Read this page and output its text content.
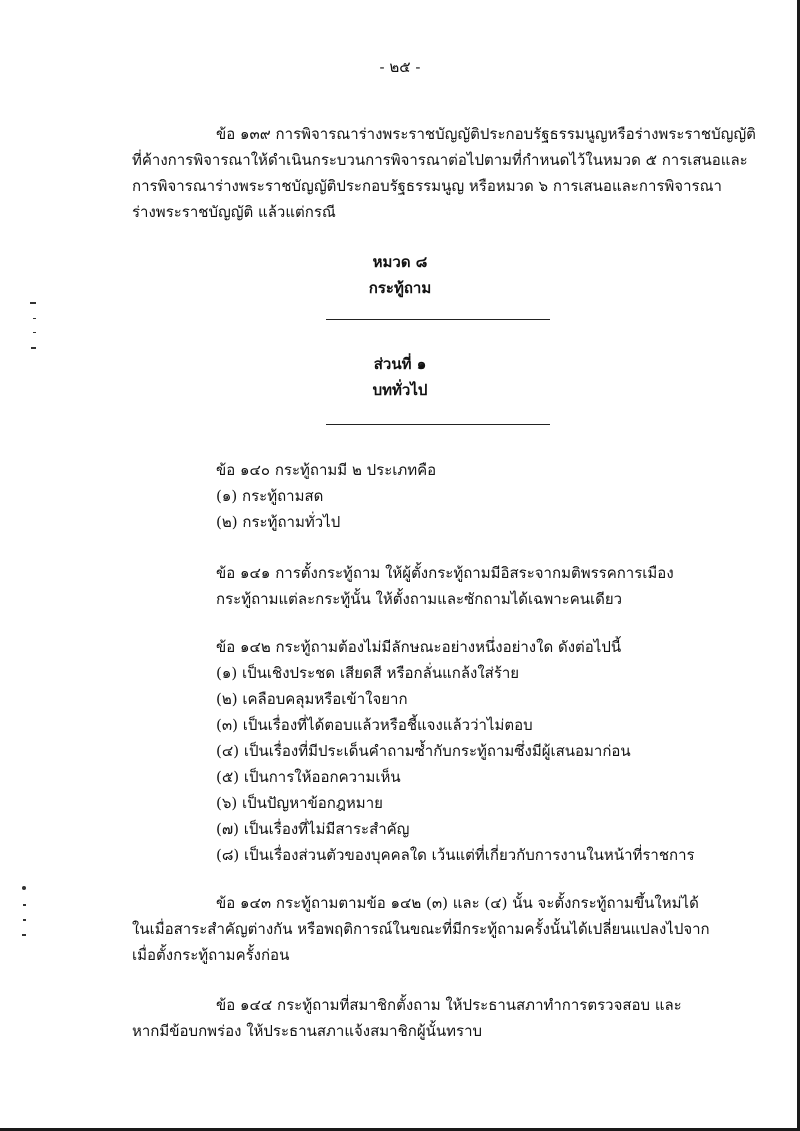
- ๒๕ -
ข้อ ๑๓๙ การพิจารณาร่างพระราชบัญญัติประกอบรัฐธรรมนูญหรือร่างพระราชบัญญัติ
ที่ค้างการพิจารณาให้ดำเนินกระบวนการพิจารณาต่อไปตามที่กำหนดไว้ในหมวด ๕ การเสนอและ
การพิจารณาร่างพระราชบัญญัติประกอบรัฐธรรมนูญ หรือหมวด ๖ การเสนอและการพิจารณา
ร่างพระราชบัญญัติ แล้วแต่กรณี
หมวด ๘
กระทู้ถาม
ส่วนที่ ๑
บททั่วไป
ข้อ ๑๔๐ กระทู้ถามมี ๒ ประเภทคือ
(๑) กระทู้ถามสด
(๒) กระทู้ถามทั่วไป
ข้อ ๑๔๑ การตั้งกระทู้ถาม ให้ผู้ตั้งกระทู้ถามมีอิสระจากมติพรรคการเมือง
กระทู้ถามแต่ละกระทู้นั้น ให้ตั้งถามและซักถามได้เฉพาะคนเดียว
ข้อ ๑๔๒ กระทู้ถามต้องไม่มีลักษณะอย่างหนึ่งอย่างใด ดังต่อไปนี้
(๑) เป็นเชิงประชด เสียดสี หรือกลั่นแกล้งใส่ร้าย
(๒) เคลือบคลุมหรือเข้าใจยาก
(๓) เป็นเรื่องที่ได้ตอบแล้วหรือชี้แจงแล้วว่าไม่ตอบ
(๔) เป็นเรื่องที่มีประเด็นคำถามซ้ำกับกระทู้ถามซึ่งมีผู้เสนอมาก่อน
(๕) เป็นการให้ออกความเห็น
(๖) เป็นปัญหาข้อกฎหมาย
(๗) เป็นเรื่องที่ไม่มีสาระสำคัญ
(๘) เป็นเรื่องส่วนตัวของบุคคลใด เว้นแต่ที่เกี่ยวกับการงานในหน้าที่ราชการ
ข้อ ๑๔๓ กระทู้ถามตามข้อ ๑๔๒ (๓) และ (๔) นั้น จะตั้งกระทู้ถามขึ้นใหม่ได้
ในเมื่อสาระสำคัญต่างกัน หรือพฤติการณ์ในขณะที่มีกระทู้ถามครั้งนั้นได้เปลี่ยนแปลงไปจาก
เมื่อตั้งกระทู้ถามครั้งก่อน
ข้อ ๑๔๔ กระทู้ถามที่สมาชิกตั้งถาม ให้ประธานสภาทำการตรวจสอบ และ
หากมีข้อบกพร่อง ให้ประธานสภาแจ้งสมาชิกผู้นั้นทราบ
